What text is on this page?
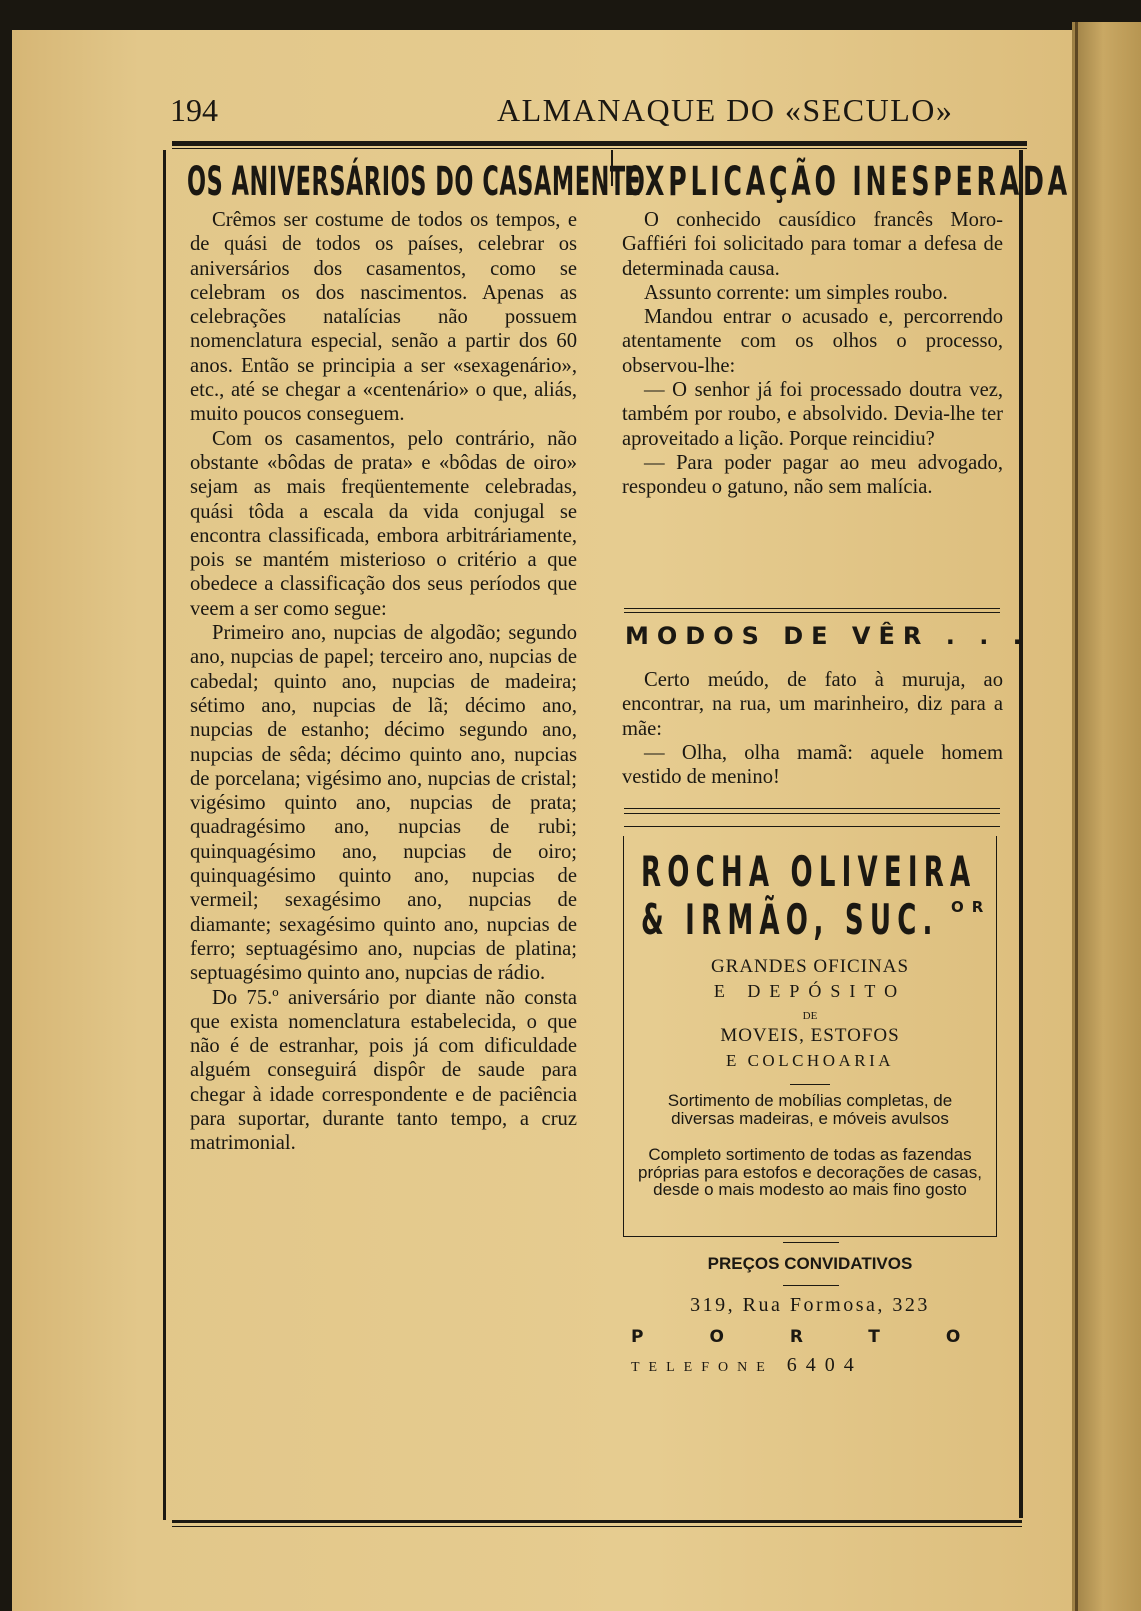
194	ALMANAQUE DO «SECULO»
OS ANIVERSÁRIOS DO CASAMENTO

Crêmos ser costume de todos os tempos, e de quási de todos os países, celebrar os aniversários dos casamentos, como se celebram os dos nascimentos. Apenas as celebrações natalícias não possuem nomenclatura especial, senão a partir dos 60 anos. Então se principia a ser «sexagenário», etc., até se chegar a «centenário» o que, aliás, muito poucos conseguem.

Com os casamentos, pelo contrário, não obstante «bôdas de prata» e «bôdas de oiro» sejam as mais freqüentemente celebradas, quási tôda a escala da vida conjugal se encontra classificada, embora arbitráriamente, pois se mantém misterioso o critério a que obedece a classificação dos seus períodos que veem a ser como segue:

Primeiro ano, nupcias de algodão; segundo ano, nupcias de papel; terceiro ano, nupcias de cabedal; quinto ano, nupcias de madeira; sétimo ano, nupcias de lã; décimo ano, nupcias de estanho; décimo segundo ano, nupcias de sêda; décimo quinto ano, nupcias de porcelana; vigésimo ano, nupcias de cristal; vigésimo quinto ano, nupcias de prata; quadragésimo ano, nupcias de rubi; quinquagésimo ano, nupcias de oiro; quinquagésimo quinto ano, nupcias de vermeil; sexagésimo ano, nupcias de diamante; sexagésimo quinto ano, nupcias de ferro; septuagésimo ano, nupcias de platina; septuagésimo quinto ano, nupcias de rádio.

Do 75.º aniversário por diante não consta que exista nomenclatura estabelecida, o que não é de estranhar, pois já com dificuldade alguém conseguirá dispôr de saude para chegar à idade correspondente e de paciência para suportar, durante tanto tempo, a cruz matrimonial.

EXPLICAÇÃO INESPERADA

O conhecido causídico francês Moro-Gaffiéri foi solicitado para tomar a defesa de determinada causa.

Assunto corrente: um simples roubo.

Mandou entrar o acusado e, percorrendo atentamente com os olhos o processo, observou-lhe:

— O senhor já foi processado doutra vez, também por roubo, e absolvido. Devia-lhe ter aproveitado a lição. Porque reincidiu?

— Para poder pagar ao meu advogado, respondeu o gatuno, não sem malícia.

MODOS DE VÊR . . .

Certo meúdo, de fato à muruja, ao encontrar, na rua, um marinheiro, diz para a mãe:

— Olha, olha mamã: aquele homem vestido de menino!

ROCHA OLIVEIRA
& IRMÃO, SUC. OR
GRANDES OFICINAS
E DEPÓSITO
DE
MOVEIS, ESTOFOS
E COLCHOARIA
Sortimento de mobílias completas, de diversas madeiras, e móveis avulsos
Completo sortimento de todas as fazendas próprias para estofos e decorações de casas, desde o mais modesto ao mais fino gosto
PREÇOS CONVIDATIVOS
319, Rua Formosa, 323
PORTO
TELEFONE 6404
